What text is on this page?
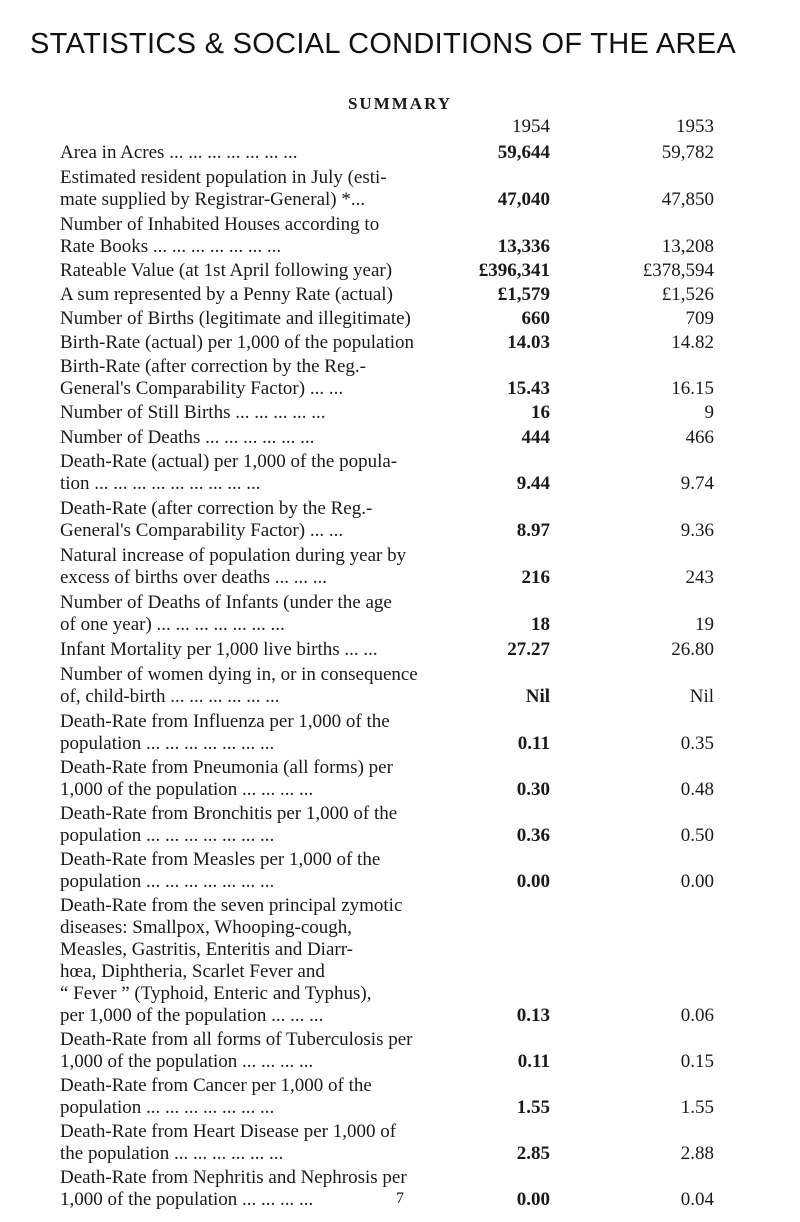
STATISTICS & SOCIAL CONDITIONS OF THE AREA
SUMMARY
1954	1953
Area in Acres ... ... ... ... ... ... ...	59,644	59,782
Estimated resident population in July (esti-
mate supplied by Registrar-General) *...	47,040	47,850
Number of Inhabited Houses according to
Rate Books ... ... ... ... ... ... ...	13,336	13,208
Rateable Value (at 1st April following year)	£396,341	£378,594
A sum represented by a Penny Rate (actual)	£1,579	£1,526
Number of Births (legitimate and illegitimate)	660	709
Birth-Rate (actual) per 1,000 of the population	14.03	14.82
Birth-Rate (after correction by the Reg.-
General's Comparability Factor) ... ...	15.43	16.15
Number of Still Births ... ... ... ... ...	16	9
Number of Deaths ... ... ... ... ... ...	444	466
Death-Rate (actual) per 1,000 of the popula-
tion ... ... ... ... ... ... ... ... ...	9.44	9.74
Death-Rate (after correction by the Reg.-
General's Comparability Factor) ... ...	8.97	9.36
Natural increase of population during year by
excess of births over deaths ... ... ...	216	243
Number of Deaths of Infants (under the age
of one year) ... ... ... ... ... ... ...	18	19
Infant Mortality per 1,000 live births ... ...	27.27	26.80
Number of women dying in, or in consequence
of, child-birth ... ... ... ... ... ...	Nil	Nil
Death-Rate from Influenza per 1,000 of the
population ... ... ... ... ... ... ...	0.11	0.35
Death-Rate from Pneumonia (all forms) per
1,000 of the population ... ... ... ...	0.30	0.48
Death-Rate from Bronchitis per 1,000 of the
population ... ... ... ... ... ... ...	0.36	0.50
Death-Rate from Measles per 1,000 of the
population ... ... ... ... ... ... ...	0.00	0.00
Death-Rate from the seven principal zymotic
diseases: Smallpox, Whooping-cough,
Measles, Gastritis, Enteritis and Diarr-
hœa, Diphtheria, Scarlet Fever and
“ Fever ” (Typhoid, Enteric and Typhus),
per 1,000 of the population ... ... ...	0.13	0.06
Death-Rate from all forms of Tuberculosis per
1,000 of the population ... ... ... ...	0.11	0.15
Death-Rate from Cancer per 1,000 of the
population ... ... ... ... ... ... ...	1.55	1.55
Death-Rate from Heart Disease per 1,000 of
the population ... ... ... ... ... ...	2.85	2.88
Death-Rate from Nephritis and Nephrosis per
1,000 of the population ... ... ... ...	0.00	0.04
7
